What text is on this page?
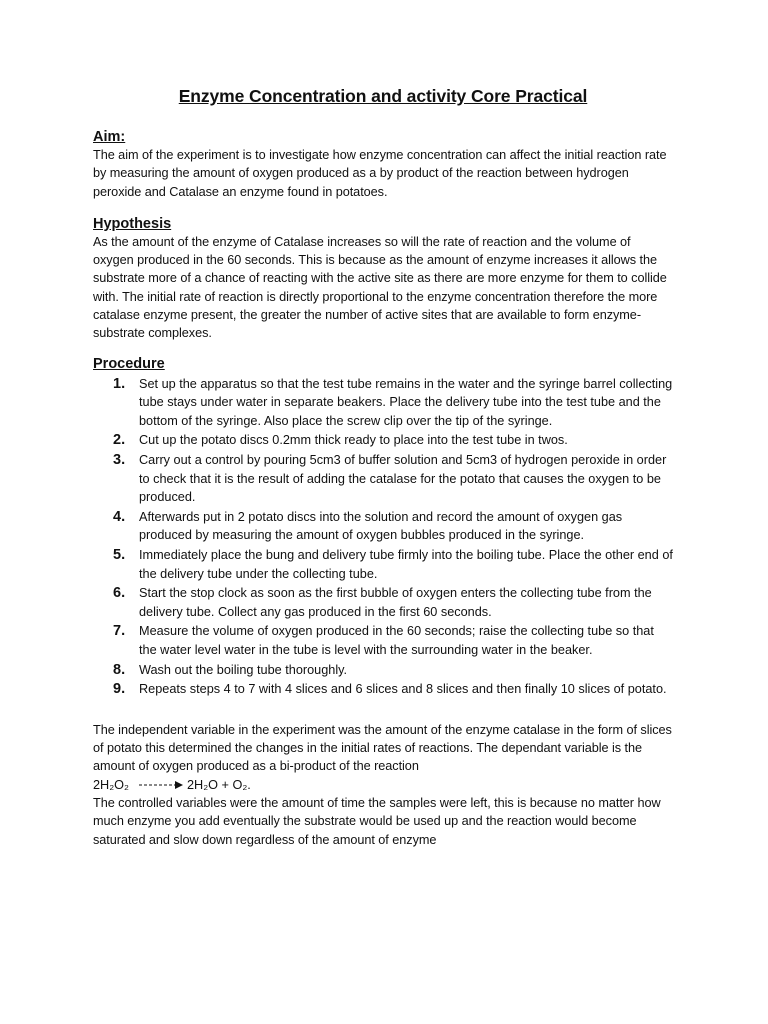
Enzyme Concentration and activity Core Practical
Aim:

The aim of the experiment is to investigate how enzyme concentration can affect the initial reaction rate by measuring the amount of oxygen produced as a by product of the reaction between hydrogen peroxide and Catalase an enzyme found in potatoes.

Hypothesis

As the amount of the enzyme of Catalase increases so will the rate of reaction and the volume of oxygen produced in the 60 seconds. This is because as the amount of enzyme increases it allows the substrate more of a chance of reacting with the active site as there are more enzyme for them to collide with. The initial rate of reaction is directly proportional to the enzyme concentration therefore the more catalase enzyme present, the greater the number of active sites that are available to form enzyme-substrate complexes.

Procedure
1.	Set up the apparatus so that the test tube remains in the water and the syringe barrel collecting tube stays under water in separate beakers. Place the delivery tube into the test tube and the bottom of the syringe. Also place the screw clip over the tip of the syringe.
2.	Cut up the potato discs 0.2mm thick ready to place into the test tube in twos.
3.	Carry out a control by pouring 5cm3 of buffer solution and 5cm3 of hydrogen peroxide in order to check that it is the result of adding the catalase for the potato that causes the oxygen to be produced.
4.	Afterwards put in 2 potato discs into the solution and record the amount of oxygen gas produced by measuring the amount of oxygen bubbles produced in the syringe.
5.	Immediately place the bung and delivery tube firmly into the boiling tube. Place the other end of the delivery tube under the collecting tube.
6.	Start the stop clock as soon as the first bubble of oxygen enters the collecting tube from the delivery tube. Collect any gas produced in the first 60 seconds.
7.	Measure the volume of oxygen produced in the 60 seconds; raise the collecting tube so that the water level water in the tube is level with the surrounding water in the beaker.
8.	Wash out the boiling tube thoroughly.
9.	Repeats steps 4 to 7 with 4 slices and 6 slices and 8 slices and then finally 10 slices of potato.

The independent variable in the experiment was the amount of the enzyme catalase in the form of slices of potato this determined the changes in the initial rates of reactions. The dependant variable is the amount of oxygen produced as a bi-product of the reaction

2H₂O₂ → 2H₂O + O₂.

The controlled variables were the amount of time the samples were left, this is because no matter how much enzyme you add eventually the substrate would be used up and the reaction would become saturated and slow down regardless of the amount of enzyme
